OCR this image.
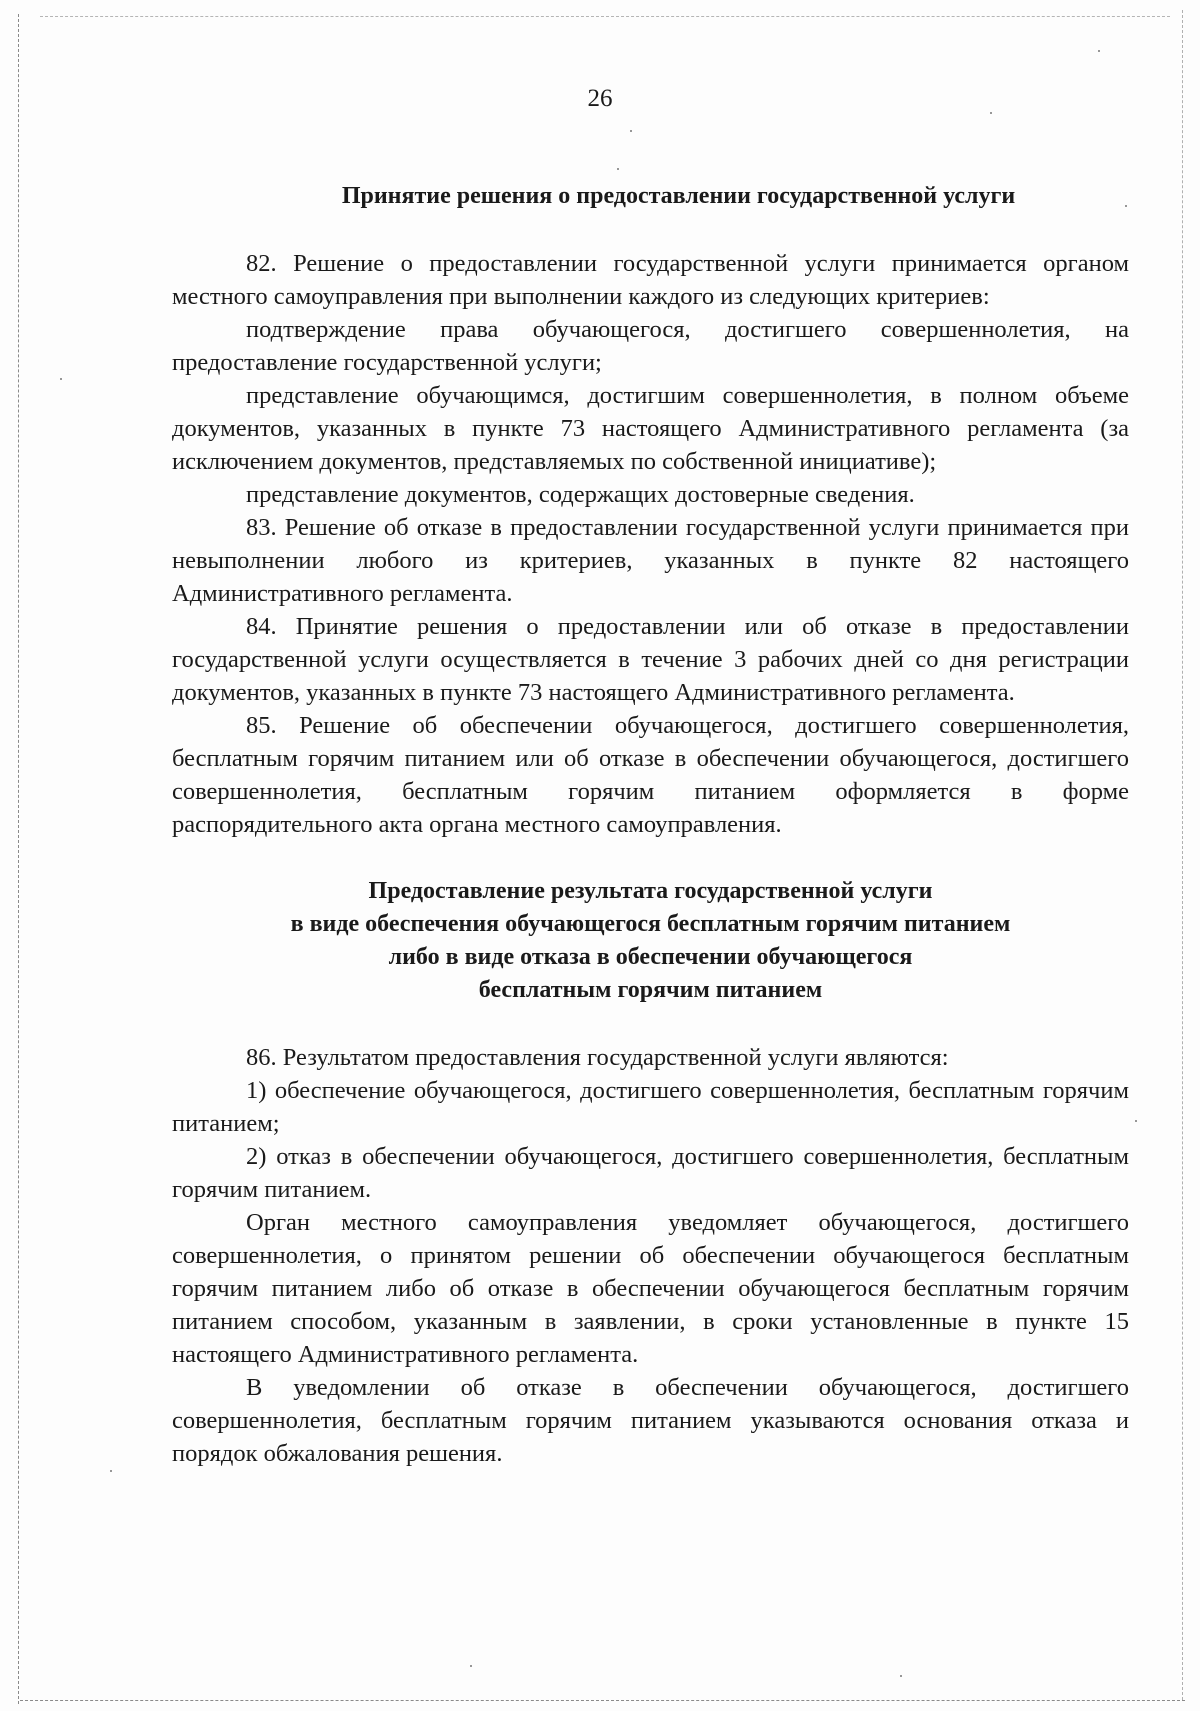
26
Принятие решения о предоставлении государственной услуги

82. Решение о предоставлении государственной услуги принимается органом местного самоуправления при выполнении каждого из следующих критериев:

подтверждение права обучающегося, достигшего совершеннолетия, на предоставление государственной услуги;

представление обучающимся, достигшим совершеннолетия, в полном объеме документов, указанных в пункте 73 настоящего Административного регламента (за исключением документов, представляемых по собственной инициативе);

представление документов, содержащих достоверные сведения.

83. Решение об отказе в предоставлении государственной услуги принимается при невыполнении любого из критериев, указанных в пункте 82 настоящего Административного регламента.

84. Принятие решения о предоставлении или об отказе в предоставлении государственной услуги осуществляется в течение 3 рабочих дней со дня регистрации документов, указанных в пункте 73 настоящего Административного регламента.

85. Решение об обеспечении обучающегося, достигшего совершеннолетия, бесплатным горячим питанием или об отказе в обеспечении обучающегося, достигшего совершеннолетия, бесплатным горячим питанием оформляется в форме распорядительного акта органа местного самоуправления.

Предоставление результата государственной услуги
в виде обеспечения обучающегося бесплатным горячим питанием
либо в виде отказа в обеспечении обучающегося
бесплатным горячим питанием

86. Результатом предоставления государственной услуги являются:

1) обеспечение обучающегося, достигшего совершеннолетия, бесплатным горячим питанием;

2) отказ в обеспечении обучающегося, достигшего совершеннолетия, бесплатным горячим питанием.

Орган местного самоуправления уведомляет обучающегося, достигшего совершеннолетия, о принятом решении об обеспечении обучающегося бесплатным горячим питанием либо об отказе в обеспечении обучающегося бесплатным горячим питанием способом, указанным в заявлении, в сроки установленные в пункте 15 настоящего Административного регламента.

В уведомлении об отказе в обеспечении обучающегося, достигшего совершеннолетия, бесплатным горячим питанием указываются основания отказа и порядок обжалования решения.
